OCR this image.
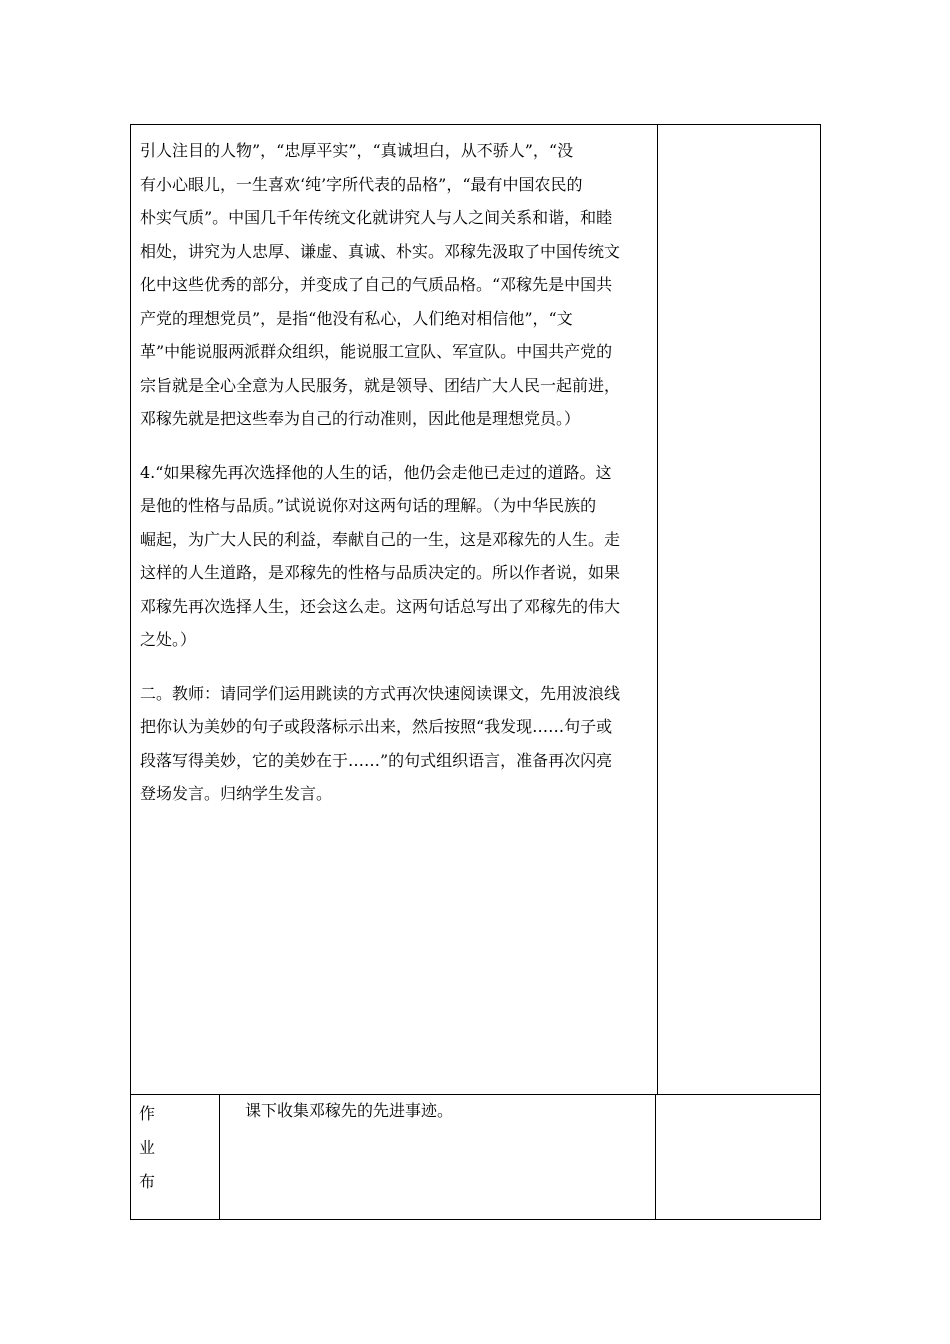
引人注目的人物”，“忠厚平实”，“真诚坦白，从不骄人”，“没

有小心眼儿，一生喜欢‘纯’字所代表的品格”，“最有中国农民的

朴实气质”。中国几千年传统文化就讲究人与人之间关系和谐，和睦

相处，讲究为人忠厚、谦虚、真诚、朴实。邓稼先汲取了中国传统文

化中这些优秀的部分，并变成了自己的气质品格。“邓稼先是中国共

产党的理想党员”，是指“他没有私心，人们绝对相信他”，“文

革”中能说服两派群众组织，能说服工宣队、军宣队。中国共产党的

宗旨就是全心全意为人民服务，就是领导、团结广大人民一起前进，

邓稼先就是把这些奉为自己的行动准则，因此他是理想党员。）

4.“如果稼先再次选择他的人生的话，他仍会走他已走过的道路。这

是他的性格与品质。”试说说你对这两句话的理解。（为中华民族的

崛起，为广大人民的利益，奉献自己的一生，这是邓稼先的人生。走

这样的人生道路，是邓稼先的性格与品质决定的。所以作者说，如果

邓稼先再次选择人生，还会这么走。这两句话总写出了邓稼先的伟大

之处。）

二。教师：请同学们运用跳读的方式再次快速阅读课文，先用波浪线

把你认为美妙的句子或段落标示出来，然后按照“我发现……句子或

段落写得美妙，它的美妙在于……”的句式组织语言，准备再次闪亮

登场发言。归纳学生发言。

作
业
布
课下收集邓稼先的先进事迹。
